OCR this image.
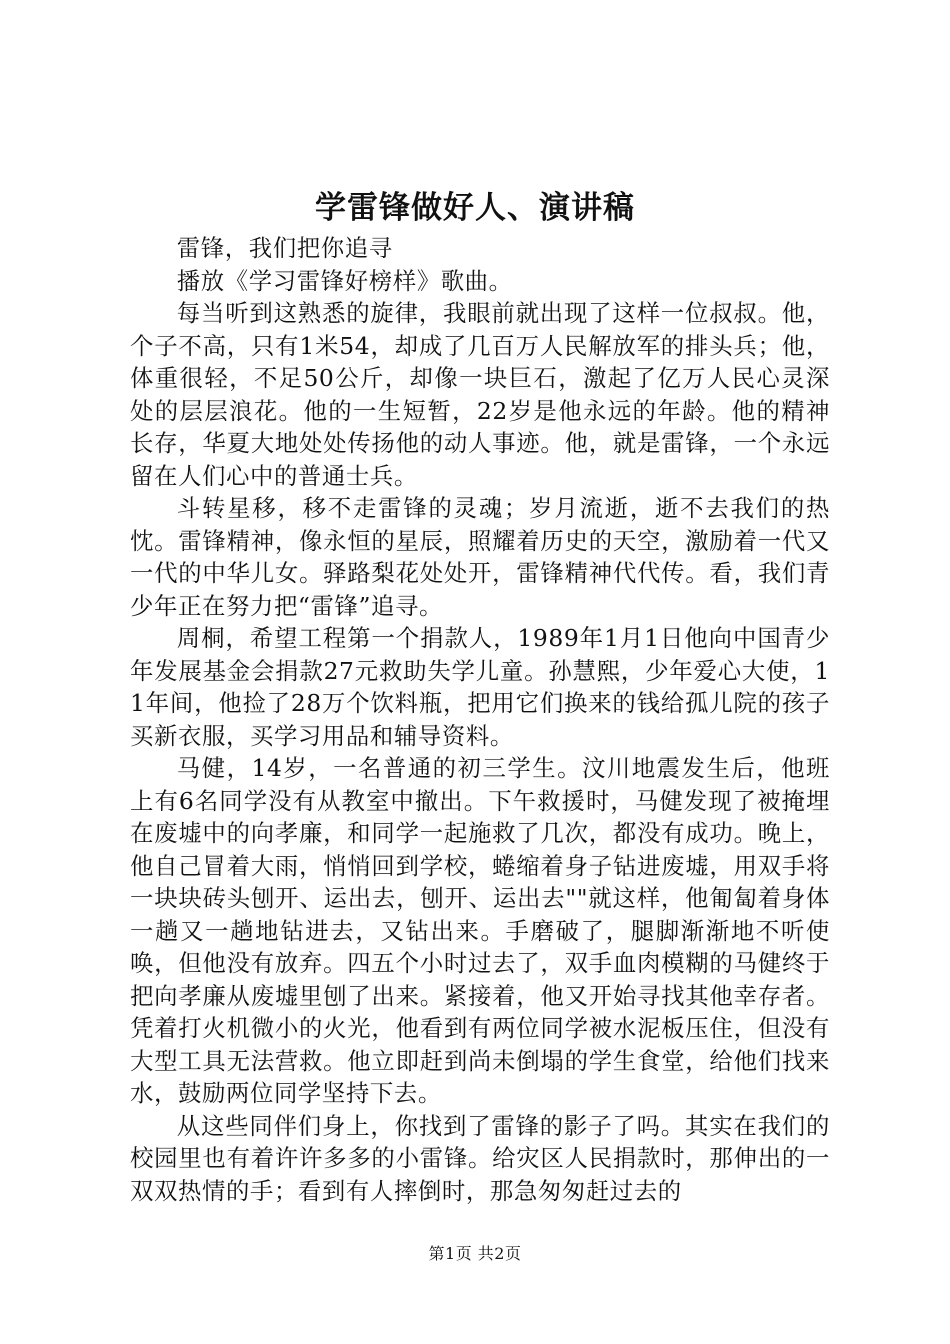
学雷锋做好人、演讲稿

雷锋，我们把你追寻

播放《学习雷锋好榜样》歌曲。

每当听到这熟悉的旋律，我眼前就出现了这样一位叔叔。他，个子不高，只有1米54，却成了几百万人民解放军的排头兵；他，体重很轻，不足50公斤，却像一块巨石，激起了亿万人民心灵深处的层层浪花。他的一生短暂，22岁是他永远的年龄。他的精神长存，华夏大地处处传扬他的动人事迹。他，就是雷锋，一个永远留在人们心中的普通士兵。

斗转星移，移不走雷锋的灵魂；岁月流逝，逝不去我们的热忱。雷锋精神，像永恒的星辰，照耀着历史的天空，激励着一代又一代的中华儿女。驿路梨花处处开，雷锋精神代代传。看，我们青少年正在努力把“雷锋”追寻。

周桐，希望工程第一个捐款人，1989年1月1日他向中国青少年发展基金会捐款27元救助失学儿童。孙慧熙，少年爱心大使，11年间，他捡了28万个饮料瓶，把用它们换来的钱给孤儿院的孩子买新衣服，买学习用品和辅导资料。

马健，14岁，一名普通的初三学生。汶川地震发生后，他班上有6名同学没有从教室中撤出。下午救援时，马健发现了被掩埋在废墟中的向孝廉，和同学一起施救了几次，都没有成功。晚上，他自己冒着大雨，悄悄回到学校，蜷缩着身子钻进废墟，用双手将一块块砖头刨开、运出去，刨开、运出去""就这样，他匍匐着身体一趟又一趟地钻进去，又钻出来。手磨破了，腿脚渐渐地不听使唤，但他没有放弃。四五个小时过去了，双手血肉模糊的马健终于把向孝廉从废墟里刨了出来。紧接着，他又开始寻找其他幸存者。凭着打火机微小的火光，他看到有两位同学被水泥板压住，但没有大型工具无法营救。他立即赶到尚未倒塌的学生食堂，给他们找来水，鼓励两位同学坚持下去。

从这些同伴们身上，你找到了雷锋的影子了吗。其实在我们的校园里也有着许许多多的小雷锋。给灾区人民捐款时，那伸出的一双双热情的手；看到有人摔倒时，那急匆匆赶过去的

第1页 共2页
